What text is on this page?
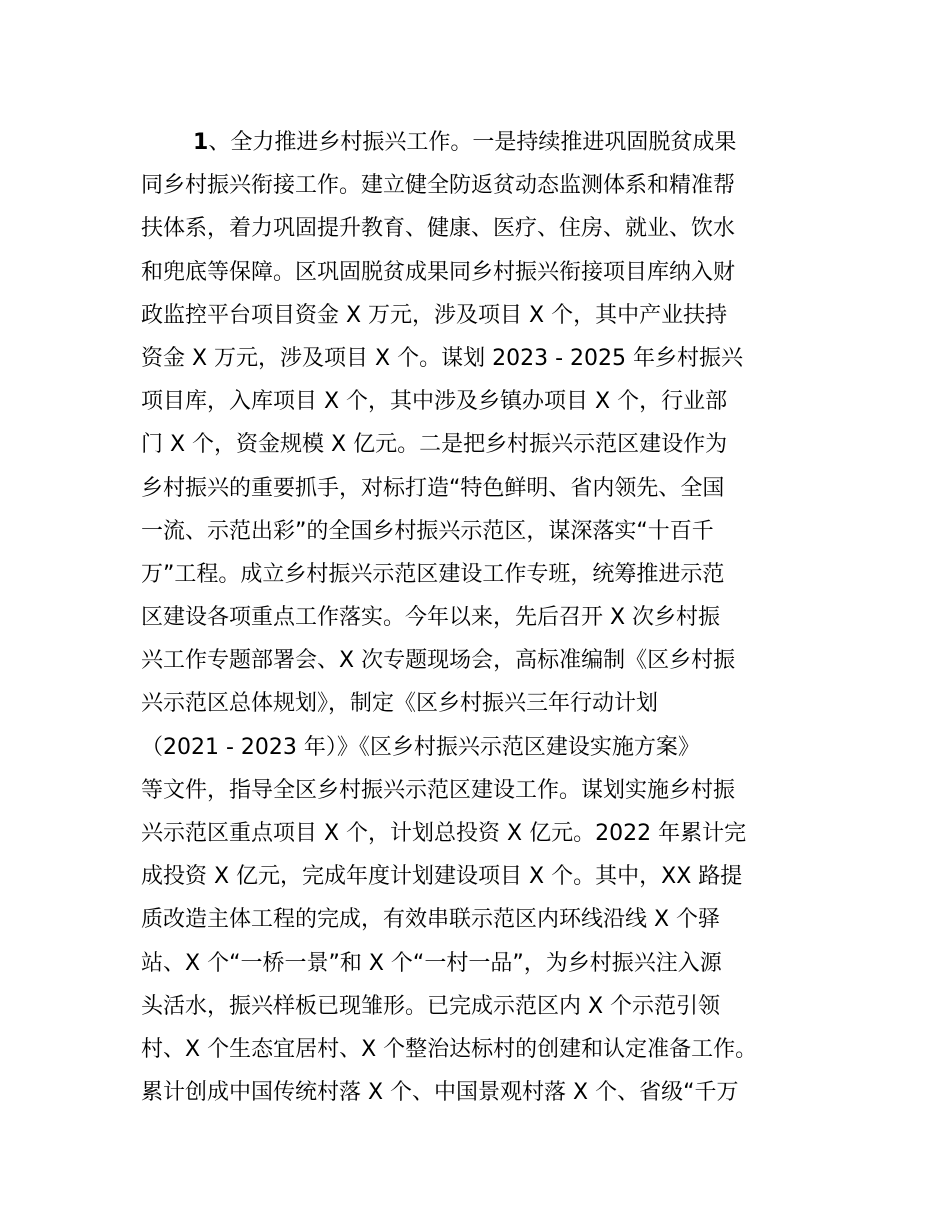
1、全力推进乡村振兴工作。一是持续推进巩固脱贫成果
同乡村振兴衔接工作。建立健全防返贫动态监测体系和精准帮
扶体系，着力巩固提升教育、健康、医疗、住房、就业、饮水
和兜底等保障。区巩固脱贫成果同乡村振兴衔接项目库纳入财
政监控平台项目资金 X 万元，涉及项目 X 个，其中产业扶持
资金 X 万元，涉及项目 X 个。谋划 2023 - 2025 年乡村振兴
项目库，入库项目 X 个，其中涉及乡镇办项目 X 个，行业部
门 X 个，资金规模 X 亿元。二是把乡村振兴示范区建设作为
乡村振兴的重要抓手，对标打造“特色鲜明、省内领先、全国
一流、示范出彩”的全国乡村振兴示范区，谋深落实“十百千
万”工程。成立乡村振兴示范区建设工作专班，统筹推进示范
区建设各项重点工作落实。今年以来，先后召开 X 次乡村振
兴工作专题部署会、X 次专题现场会，高标准编制《区乡村振
兴示范区总体规划》，制定《区乡村振兴三年行动计划
（2021 - 2023 年）》《区乡村振兴示范区建设实施方案》
等文件，指导全区乡村振兴示范区建设工作。谋划实施乡村振
兴示范区重点项目 X 个，计划总投资 X 亿元。2022 年累计完
成投资 X 亿元，完成年度计划建设项目 X 个。其中，XX 路提
质改造主体工程的完成，有效串联示范区内环线沿线 X 个驿
站、X 个“一桥一景”和 X 个“一村一品”，为乡村振兴注入源
头活水，振兴样板已现雏形。已完成示范区内 X 个示范引领
村、X 个生态宜居村、X 个整治达标村的创建和认定准备工作。
累计创成中国传统村落 X 个、中国景观村落 X 个、省级“千万
